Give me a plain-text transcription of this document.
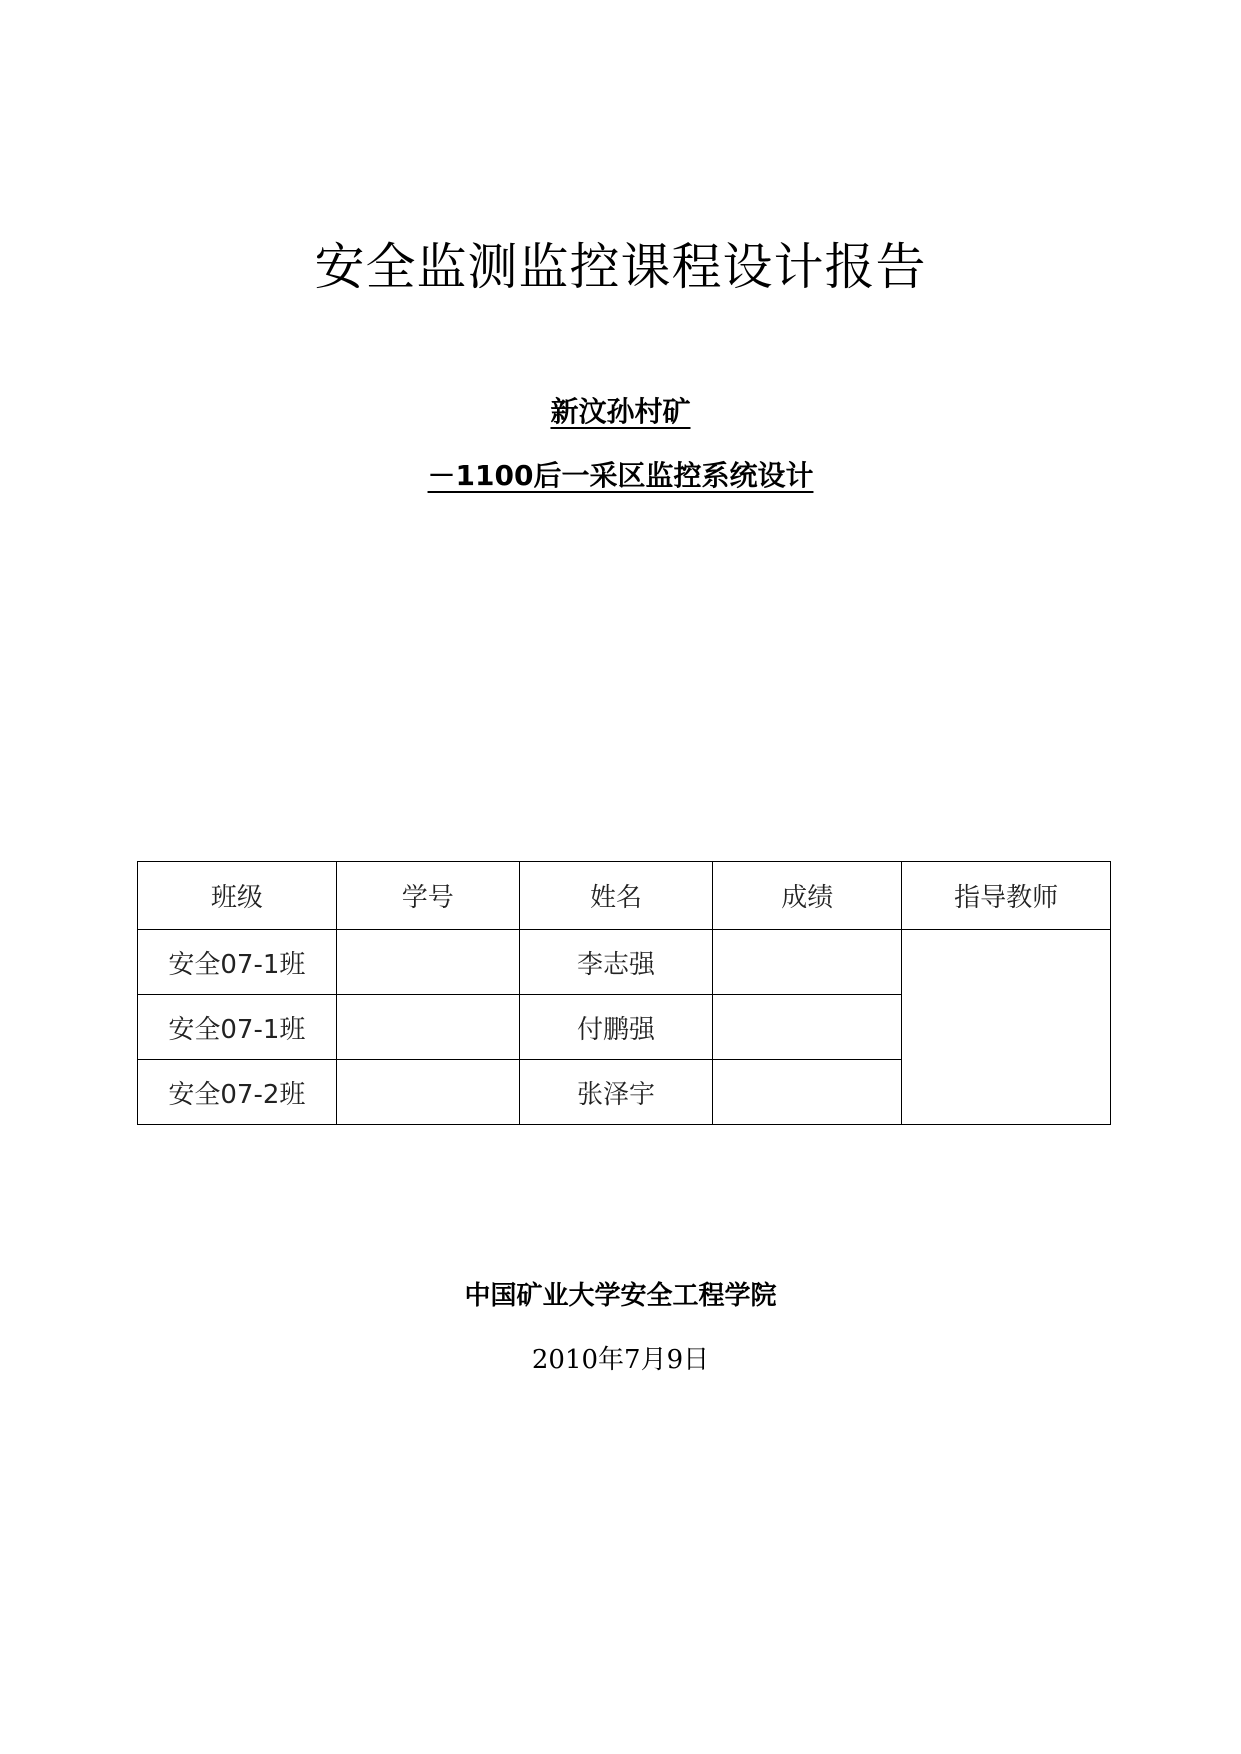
安全监测监控课程设计报告
新汶孙村矿
－1100后一采区监控系统设计
班级	学号	姓名	成绩	指导教师
安全07-1班		李志强		
安全07-1班		付鹏强		
安全07-2班		张泽宇		
中国矿业大学安全工程学院
2010年7月9日
